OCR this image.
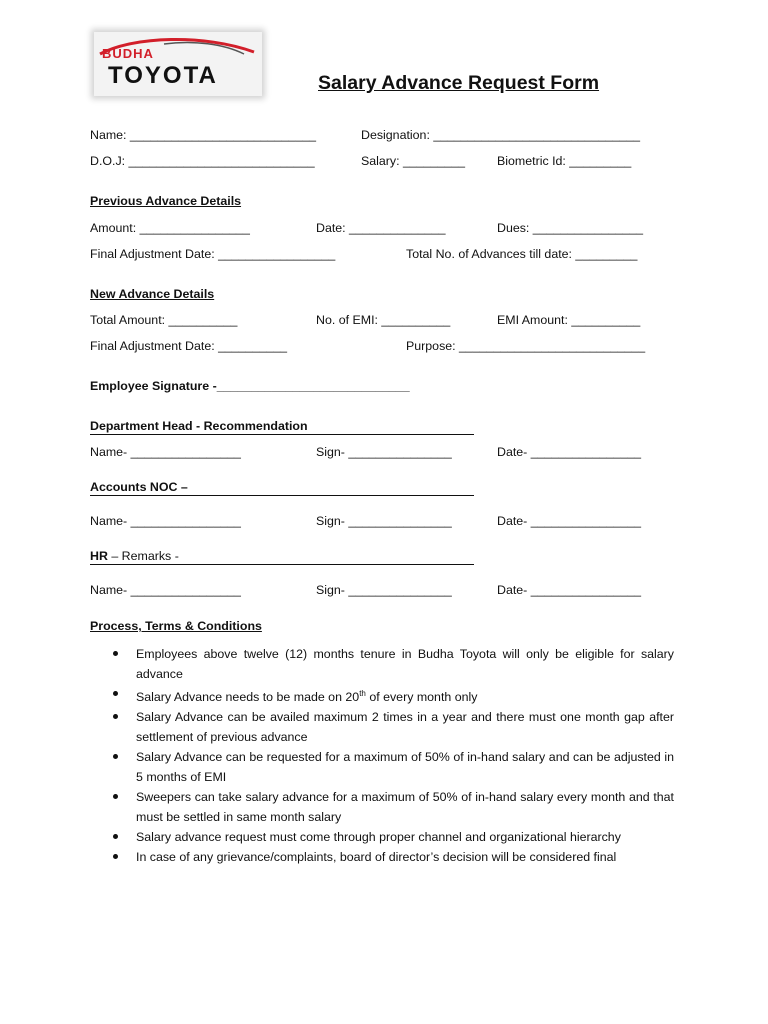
BUDHA
TOYOTA	Salary Advance Request Form
Name: ___________________________	Designation: ______________________________
D.O.J: ___________________________	Salary: _________	Biometric Id: _________
Previous Advance Details
Amount: ________________	Date: ______________	Dues: ________________
Final Adjustment Date: _________________	Total No. of Advances till date: _________
New Advance Details
Total Amount: __________	No. of EMI: __________	EMI Amount: __________
Final Adjustment Date: __________	Purpose: ___________________________
Employee Signature -____________________________
Department Head - Recommendation
Name- ________________	Sign- _______________	Date- ________________
Accounts NOC –
Name- ________________	Sign- _______________	Date- ________________
HR – Remarks -
Name- ________________	Sign- _______________	Date- ________________
Process, Terms & Conditions
Employees above twelve (12) months tenure in Budha Toyota will only be eligible for salary advance
Salary Advance needs to be made on 20th of every month only
Salary Advance can be availed maximum 2 times in a year and there must one month gap after settlement of previous advance
Salary Advance can be requested for a maximum of 50% of in-hand salary and can be adjusted in 5 months of EMI
Sweepers can take salary advance for a maximum of 50% of in-hand salary every month and that must be settled in same month salary
Salary advance request must come through proper channel and organizational hierarchy
In case of any grievance/complaints, board of director’s decision will be considered final
